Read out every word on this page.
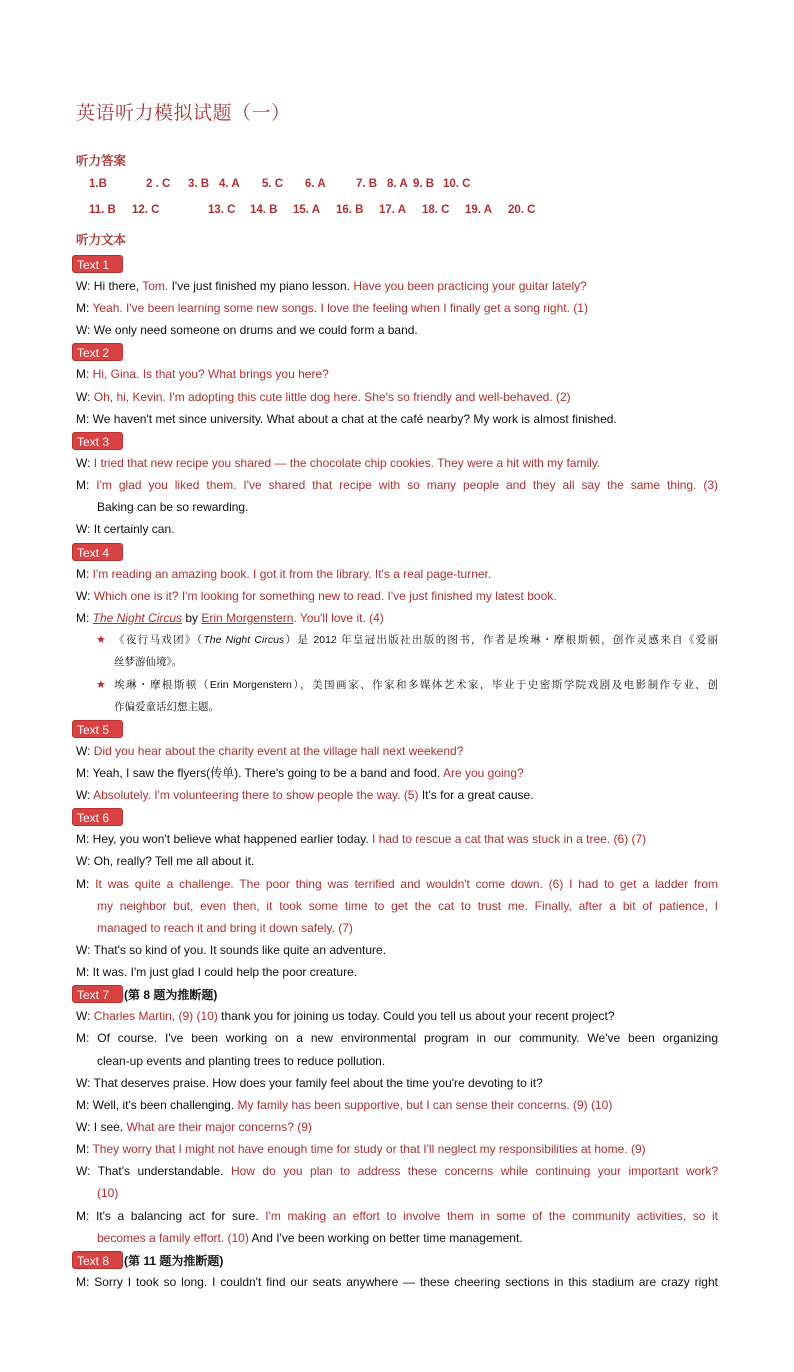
英语听力模拟试题（一）
听力答案
1.B	2 . C 3. B 4. A 5. C 6. A	7. B 8. A 9. B 10. C
11. B 12. C	13. C 14. B 15. A 16. B 17. A 18. C 19. A 20. C
听力文本
Text 1
W: Hi there, Tom. I've just finished my piano lesson. Have you been practicing your guitar lately?
M: Yeah. I've been learning some new songs. I love the feeling when I finally get a song right. (1)
W: We only need someone on drums and we could form a band.
Text 2
M: Hi, Gina. Is that you? What brings you here?
W: Oh, hi, Kevin. I'm adopting this cute little dog here. She's so friendly and well-behaved. (2)
M: We haven't met since university. What about a chat at the café nearby? My work is almost finished.
Text 3
W: I tried that new recipe you shared — the chocolate chip cookies. They were a hit with my family.
M: I'm glad you liked them. I've shared that recipe with so many people and they all say the same thing. (3)
Baking can be so rewarding.
W: It certainly can.
Text 4
M: I'm reading an amazing book. I got it from the library. It's a real page-turner.
W: Which one is it? I'm looking for something new to read. I've just finished my latest book.
M: The Night Circus by Erin Morgenstern. You'll love it. (4)
★ 《夜行马戏团》（The Night Circus）是 2012 年皇冠出版社出版的图书，作者是埃琳・摩根斯顿，创作灵感来自《爱丽
丝梦游仙境》。
★ 埃琳・摩根斯顿（Erin Morgenstern），美国画家、作家和多媒体艺术家，毕业于史密斯学院戏剧及电影制作专业，创
作偏爱童话幻想主题。
Text 5
W: Did you hear about the charity event at the village hall next weekend?
M: Yeah, I saw the flyers(传单). There's going to be a band and food. Are you going?
W: Absolutely. I'm volunteering there to show people the way. (5) It's for a great cause.
Text 6
M: Hey, you won't believe what happened earlier today. I had to rescue a cat that was stuck in a tree. (6) (7)
W: Oh, really? Tell me all about it.
M: It was quite a challenge. The poor thing was terrified and wouldn't come down. (6) I had to get a ladder from
my neighbor but, even then, it took some time to get the cat to trust me. Finally, after a bit of patience, I
managed to reach it and bring it down safely. (7)
W: That's so kind of you. It sounds like quite an adventure.
M: It was. I'm just glad I could help the poor creature.
Text 7	(第 8 题为推断题)
W: Charles Martin, (9) (10) thank you for joining us today. Could you tell us about your recent project?
M: Of course. I've been working on a new environmental program in our community. We've been organizing
clean-up events and planting trees to reduce pollution.
W: That deserves praise. How does your family feel about the time you're devoting to it?
M: Well, it's been challenging. My family has been supportive, but I can sense their concerns. (9) (10)
W: I see. What are their major concerns? (9)
M: They worry that I might not have enough time for study or that I'll neglect my responsibilities at home. (9)
W: That's understandable. How do you plan to address these concerns while continuing your important work?
(10)
M: It's a balancing act for sure. I'm making an effort to involve them in some of the community activities, so it
becomes a family effort. (10) And I've been working on better time management.
Text 8	(第 11 题为推断题)
M: Sorry I took so long. I couldn't find our seats anywhere — these cheering sections in this stadium are crazy right
